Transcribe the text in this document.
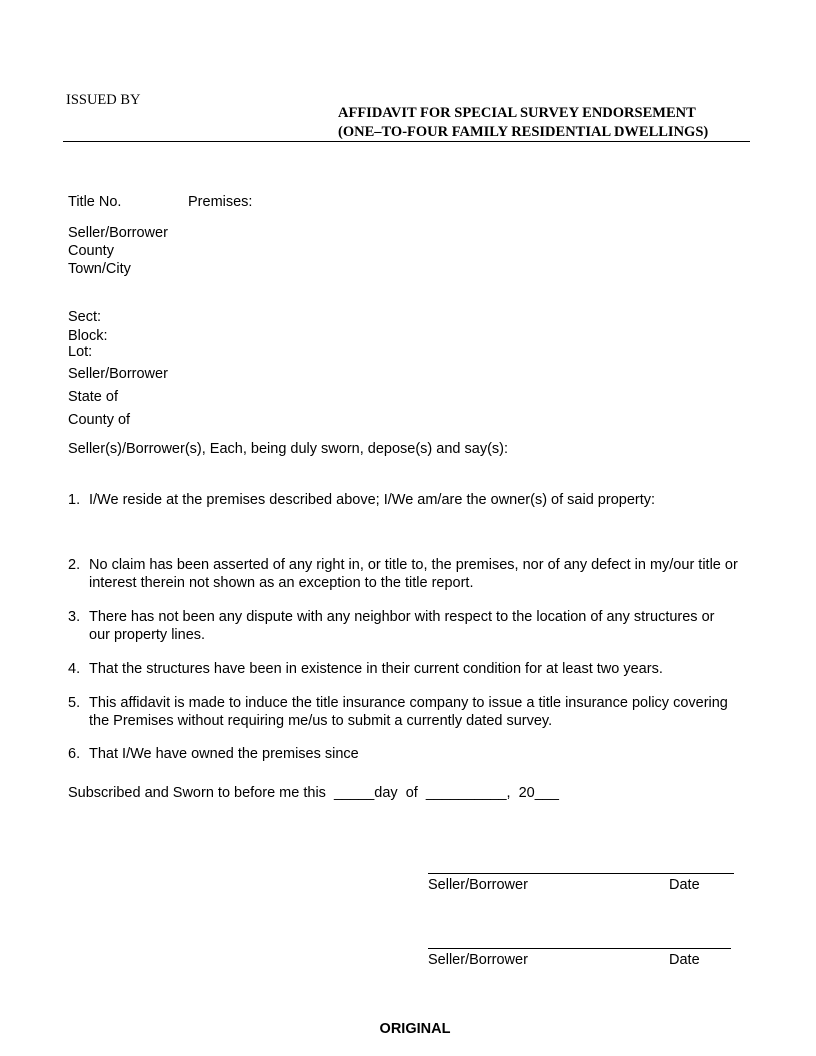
ISSUED BY
AFFIDAVIT FOR SPECIAL SURVEY ENDORSEMENT
(ONE–TO-FOUR FAMILY RESIDENTIAL DWELLINGS)
Title No.	Premises:
Seller/Borrower
County
Town/City
Sect:
Block:
Lot:
Seller/Borrower
State of
County of
Seller(s)/Borrower(s), Each, being duly sworn, depose(s) and say(s):
1. I/We reside at the premises described above; I/We am/are the owner(s) of said property:
2. No claim has been asserted of any right in, or title to, the premises, nor of any defect in my/our title or interest therein not shown as an exception to the title report.
3. There has not been any dispute with any neighbor with respect to the location of any structures or our property lines.
4. That the structures have been in existence in their current condition for at least two years.
5. This affidavit is made to induce the title insurance company to issue a title insurance policy covering the Premises without requiring me/us to submit a currently dated survey.
6. That I/We have owned the premises since
Subscribed and Sworn to before me this  _____day  of  __________,  20___
Seller/Borrower	Date
Seller/Borrower	Date
ORIGINAL
